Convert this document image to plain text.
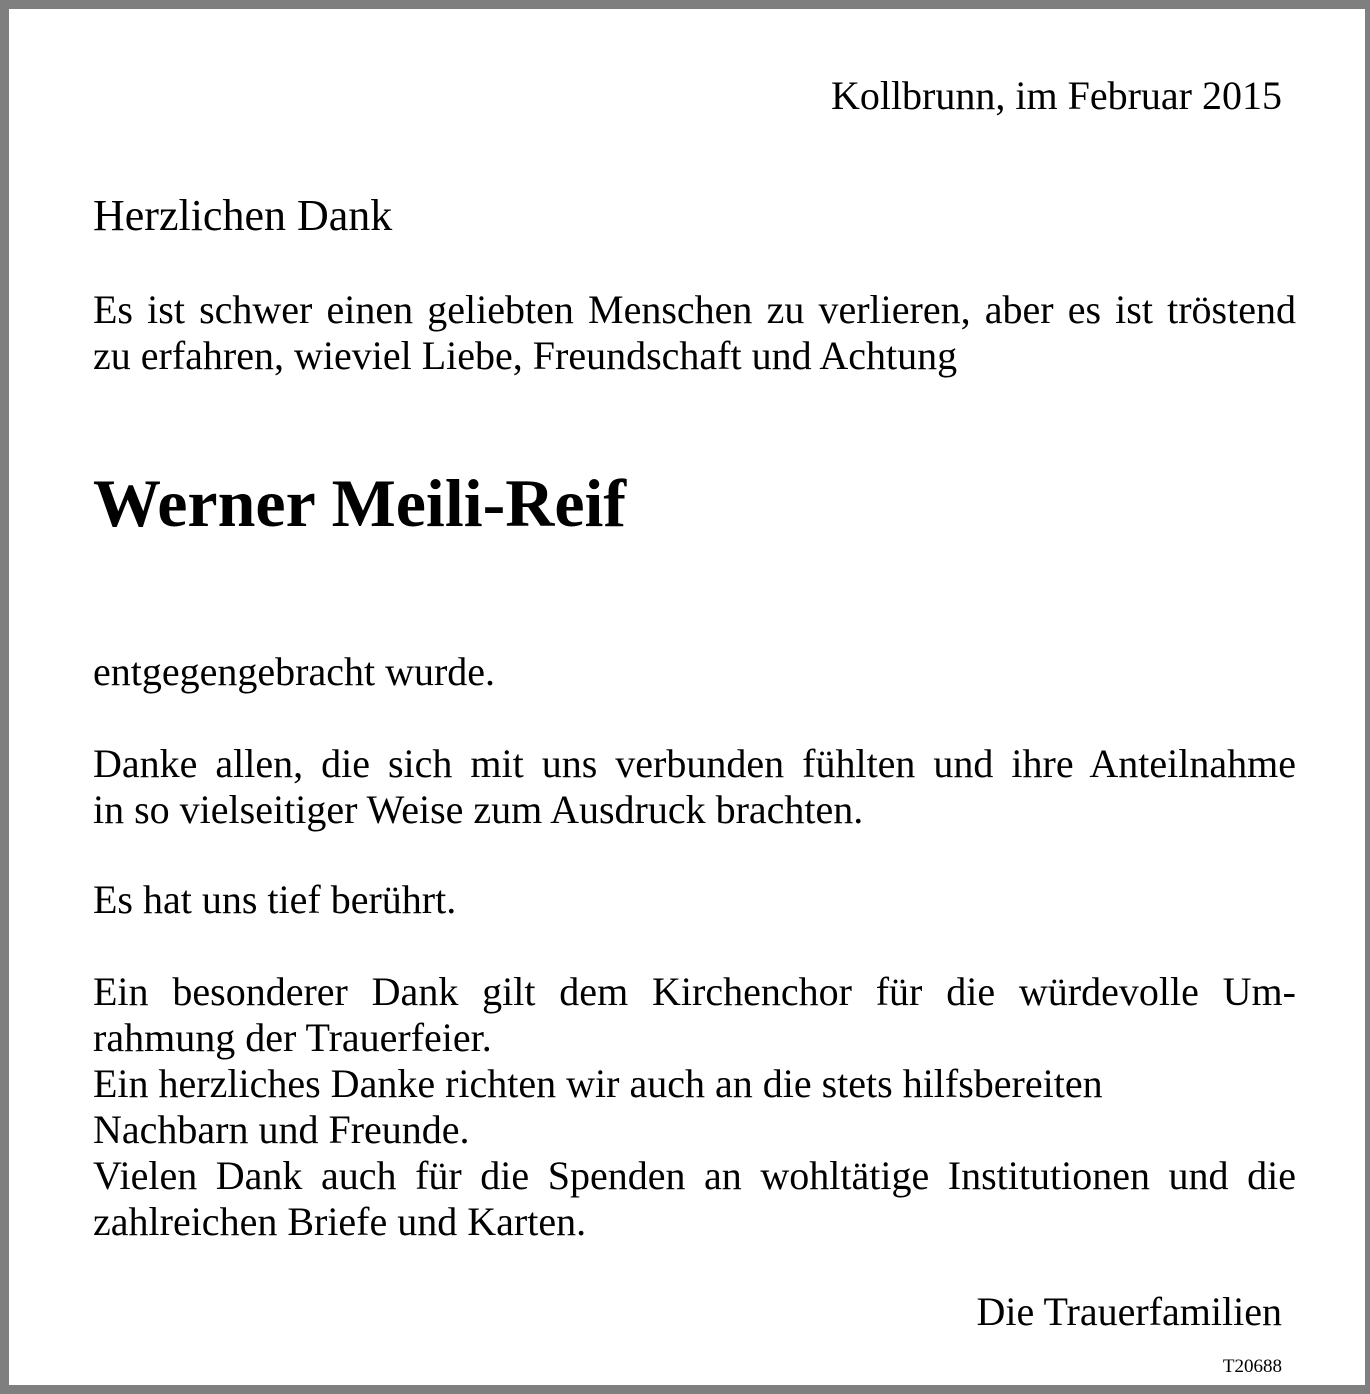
Kollbrunn, im Februar 2015

Herzlichen Dank

Es ist schwer einen geliebten Menschen zu verlieren, aber es ist tröstend

zu erfahren, wieviel Liebe, Freundschaft und Achtung

Werner Meili-Reif

entgegengebracht wurde.

Danke allen, die sich mit uns verbunden fühlten und ihre Anteilnahme

in so vielseitiger Weise zum Ausdruck brachten.

Es hat uns tief berührt.

Ein besonderer Dank gilt dem Kirchenchor für die würdevolle Um-

rahmung der Trauerfeier.

Ein herzliches Danke richten wir auch an die stets hilfsbereiten

Nachbarn und Freunde.

Vielen Dank auch für die Spenden an wohltätige Institutionen und die

zahlreichen Briefe und Karten.

Die Trauerfamilien

T20688
